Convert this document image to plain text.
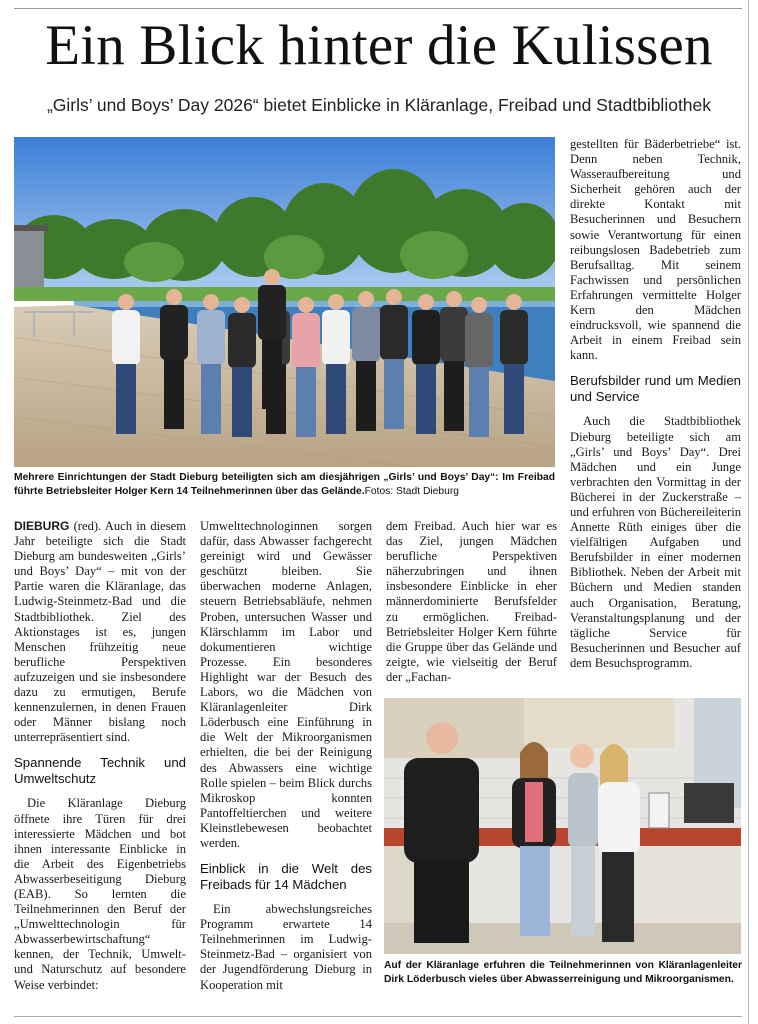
Ein Blick hinter die Kulissen
„Girls’ und Boys’ Day 2026“ bietet Einblicke in Kläranlage, Freibad und Stadtbibliothek
Mehrere Einrichtungen der Stadt Dieburg beteiligten sich am diesjährigen „Girls’ und Boys’ Day“: Im Freibad führte Betriebsleiter Holger Kern 14 Teilnehmerinnen über das Gelände.Fotos: Stadt Dieburg

DIEBURG (red). Auch in diesem Jahr beteiligte sich die Stadt Dieburg am bundesweiten „Girls’ und Boys’ Day“ – mit von der Partie waren die Kläranlage, das Ludwig-Steinmetz-Bad und die Stadtbibliothek. Ziel des Aktionstages ist es, jungen Menschen frühzeitig neue berufliche Perspektiven aufzuzeigen und sie insbesondere dazu zu ermutigen, Berufe kennenzulernen, in denen Frauen oder Männer bislang noch unterrepräsentiert sind.

Spannende Technik und Umweltschutz

Die Kläranlage Dieburg öffnete ihre Türen für drei interessierte Mädchen und bot ihnen interessante Einblicke in die Arbeit des Eigenbetriebs Abwasserbeseitigung Dieburg (EAB). So lernten die Teilnehmerinnen den Beruf der „Umwelttechnologin für Abwasserbewirtschaftung“ kennen, der Technik, Umwelt- und Naturschutz auf besondere Weise verbindet:

Umwelttechnologinnen sorgen dafür, dass Abwasser fachgerecht gereinigt wird und Gewässer geschützt bleiben. Sie überwachen moderne Anlagen, steuern Betriebsabläufe, nehmen Proben, untersuchen Wasser und Klärschlamm im Labor und dokumentieren wichtige Prozesse. Ein besonderes Highlight war der Besuch des Labors, wo die Mädchen von Kläranlagenleiter Dirk Löderbusch eine Einführung in die Welt der Mikroorganismen erhielten, die bei der Reinigung des Abwassers eine wichtige Rolle spielen – beim Blick durchs Mikroskop konnten Pantoffeltierchen und weitere Kleinstlebewesen beobachtet werden.

Einblick in die Welt des Freibads für 14 Mädchen

Ein abwechslungsreiches Programm erwartete 14 Teilnehmerinnen im Ludwig-Steinmetz-Bad – organisiert von der Jugendförderung Dieburg in Kooperation mit

dem Freibad. Auch hier war es das Ziel, jungen Mädchen berufliche Perspektiven näherzubringen und ihnen insbesondere Einblicke in eher männerdominierte Berufsfelder zu ermöglichen. Freibad-Betriebsleiter Holger Kern führte die Gruppe über das Gelände und zeigte, wie vielseitig der Beruf der „Fachan-

gestellten für Bäderbetriebe“ ist. Denn neben Technik, Wasseraufbereitung und Sicherheit gehören auch der direkte Kontakt mit Besucherinnen und Besuchern sowie Verantwortung für einen reibungslosen Badebetrieb zum Berufsalltag. Mit seinem Fachwissen und persönlichen Erfahrungen vermittelte Holger Kern den Mädchen eindrucksvoll, wie spannend die Arbeit in einem Freibad sein kann.

Berufsbilder rund um Medien und Service

Auch die Stadtbibliothek Dieburg beteiligte sich am „Girls’ und Boys’ Day“. Drei Mädchen und ein Junge verbrachten den Vormittag in der Bücherei in der Zuckerstraße – und erfuhren von Büchereileiterin Annette Rüth einiges über die vielfältigen Aufgaben und Berufsbilder in einer modernen Bibliothek. Neben der Arbeit mit Büchern und Medien standen auch Organisation, Beratung, Veranstaltungsplanung und der tägliche Service für Besucherinnen und Besucher auf dem Besuchsprogramm.

Auf der Kläranlage erfuhren die Teilnehmerinnen von Kläranlagenleiter Dirk Löderbusch vieles über Abwasserreinigung und Mikroorganismen.
